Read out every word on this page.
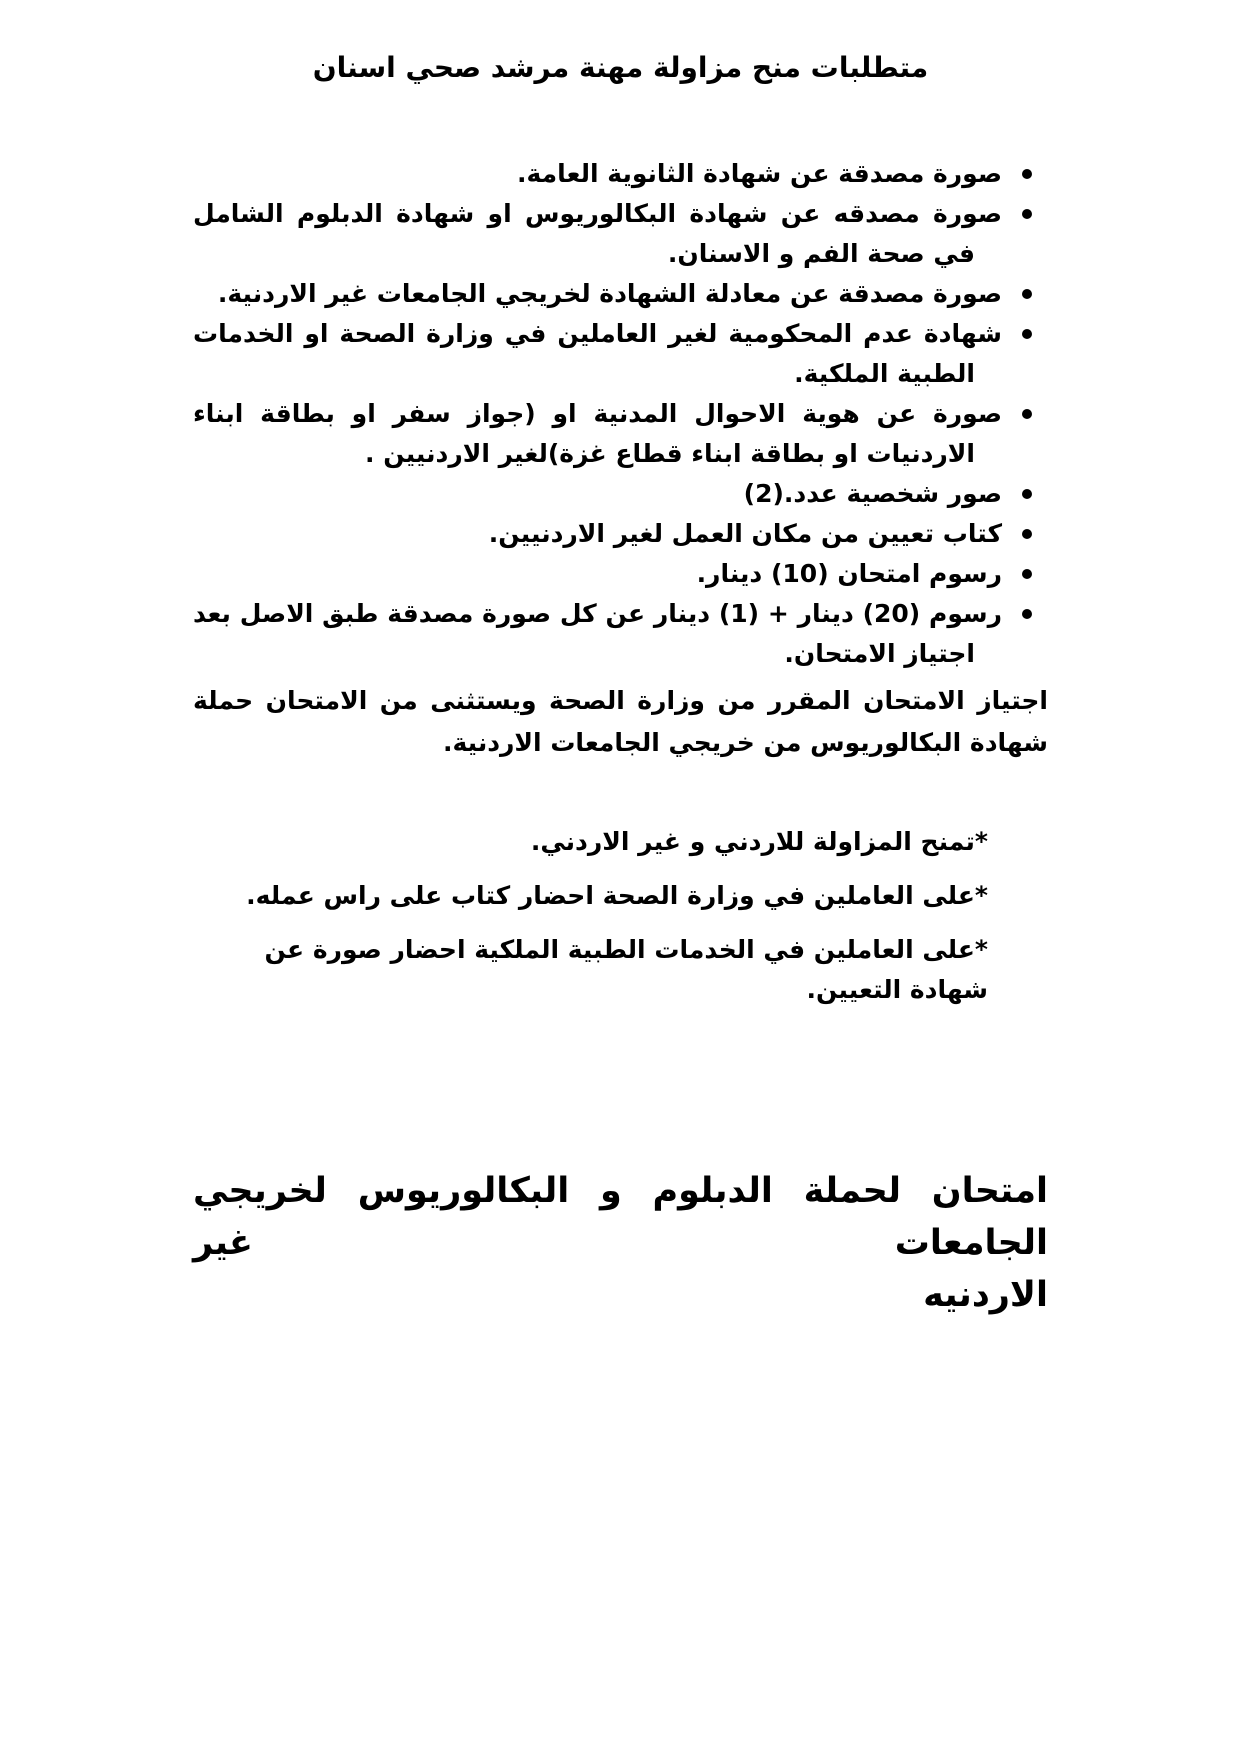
متطلبات منح مزاولة مهنة مرشد صحي اسنان
صورة مصدقة عن شهادة الثانوية العامة.
صورة مصدقه عن شهادة البكالوريوس او شهادة الدبلوم الشامل في صحة الفم و الاسنان.
صورة مصدقة عن معادلة الشهادة لخريجي الجامعات غير الاردنية.
شهادة عدم المحكومية لغير العاملين في وزارة الصحة او الخدمات الطبية الملكية.
صورة عن هوية الاحوال المدنية او (جواز سفر او بطاقة ابناء الاردنيات او بطاقة ابناء قطاع غزة)لغير الاردنيين .
صور شخصية عدد.(2)
كتاب تعيين من مكان العمل لغير الاردنيين.
رسوم امتحان (10) دينار.
رسوم (20) دينار + (1) دينار عن كل صورة مصدقة طبق الاصل بعد اجتياز الامتحان.

اجتياز الامتحان المقرر من وزارة الصحة ويستثنى من الامتحان حملة شهادة البكالوريوس من خريجي الجامعات الاردنية.

*تمنح المزاولة للاردني و غير الاردني.

*على العاملين في وزارة الصحة احضار كتاب على راس عمله.

*على العاملين في الخدمات الطبية الملكية احضار صورة عن شهادة التعيين.

امتحان لحملة الدبلوم و البكالوريوس لخريجي الجامعات غير
الاردنيه
